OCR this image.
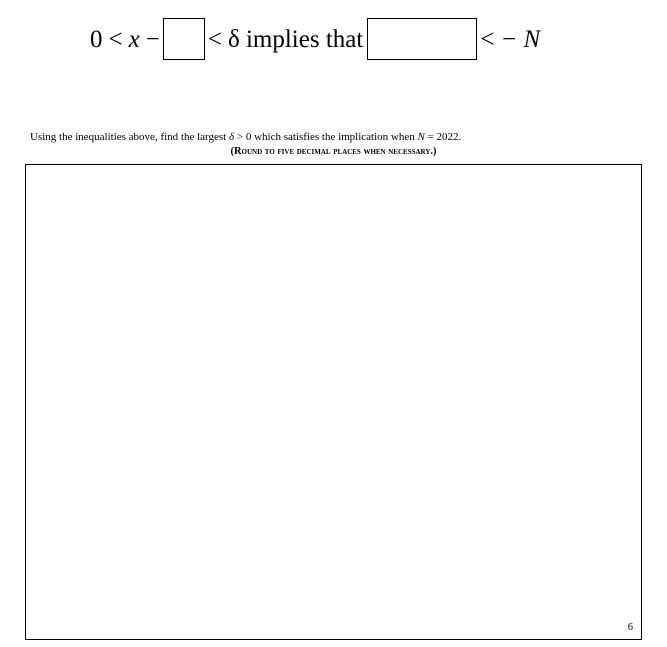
0 < x − < δ implies that	< − N
Using the inequalities above, find the largest δ > 0 which satisfies the implication when N = 2022.
(Round to five decimal places when necessary.)
6
